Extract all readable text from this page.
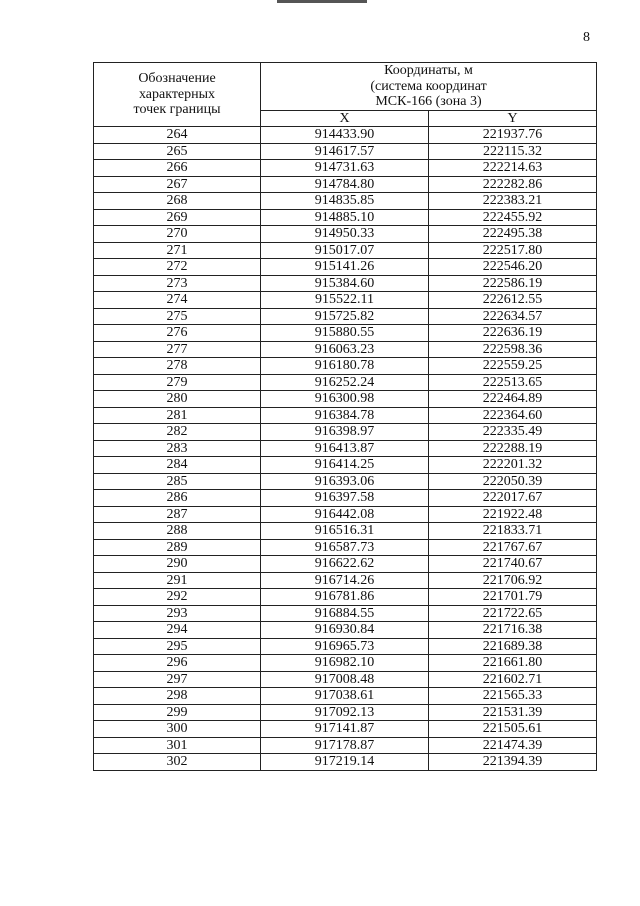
8
Обозначение
характерных
точек границы	Координаты, м
(система координат
МСК-166 (зона 3)	

	X	Y
264	914433.90	221937.76
265	914617.57	222115.32
266	914731.63	222214.63
267	914784.80	222282.86
268	914835.85	222383.21
269	914885.10	222455.92
270	914950.33	222495.38
271	915017.07	222517.80
272	915141.26	222546.20
273	915384.60	222586.19
274	915522.11	222612.55
275	915725.82	222634.57
276	915880.55	222636.19
277	916063.23	222598.36
278	916180.78	222559.25
279	916252.24	222513.65
280	916300.98	222464.89
281	916384.78	222364.60
282	916398.97	222335.49
283	916413.87	222288.19
284	916414.25	222201.32
285	916393.06	222050.39
286	916397.58	222017.67
287	916442.08	221922.48
288	916516.31	221833.71
289	916587.73	221767.67
290	916622.62	221740.67
291	916714.26	221706.92
292	916781.86	221701.79
293	916884.55	221722.65
294	916930.84	221716.38
295	916965.73	221689.38
296	916982.10	221661.80
297	917008.48	221602.71
298	917038.61	221565.33
299	917092.13	221531.39
300	917141.87	221505.61
301	917178.87	221474.39
302	917219.14	221394.39
